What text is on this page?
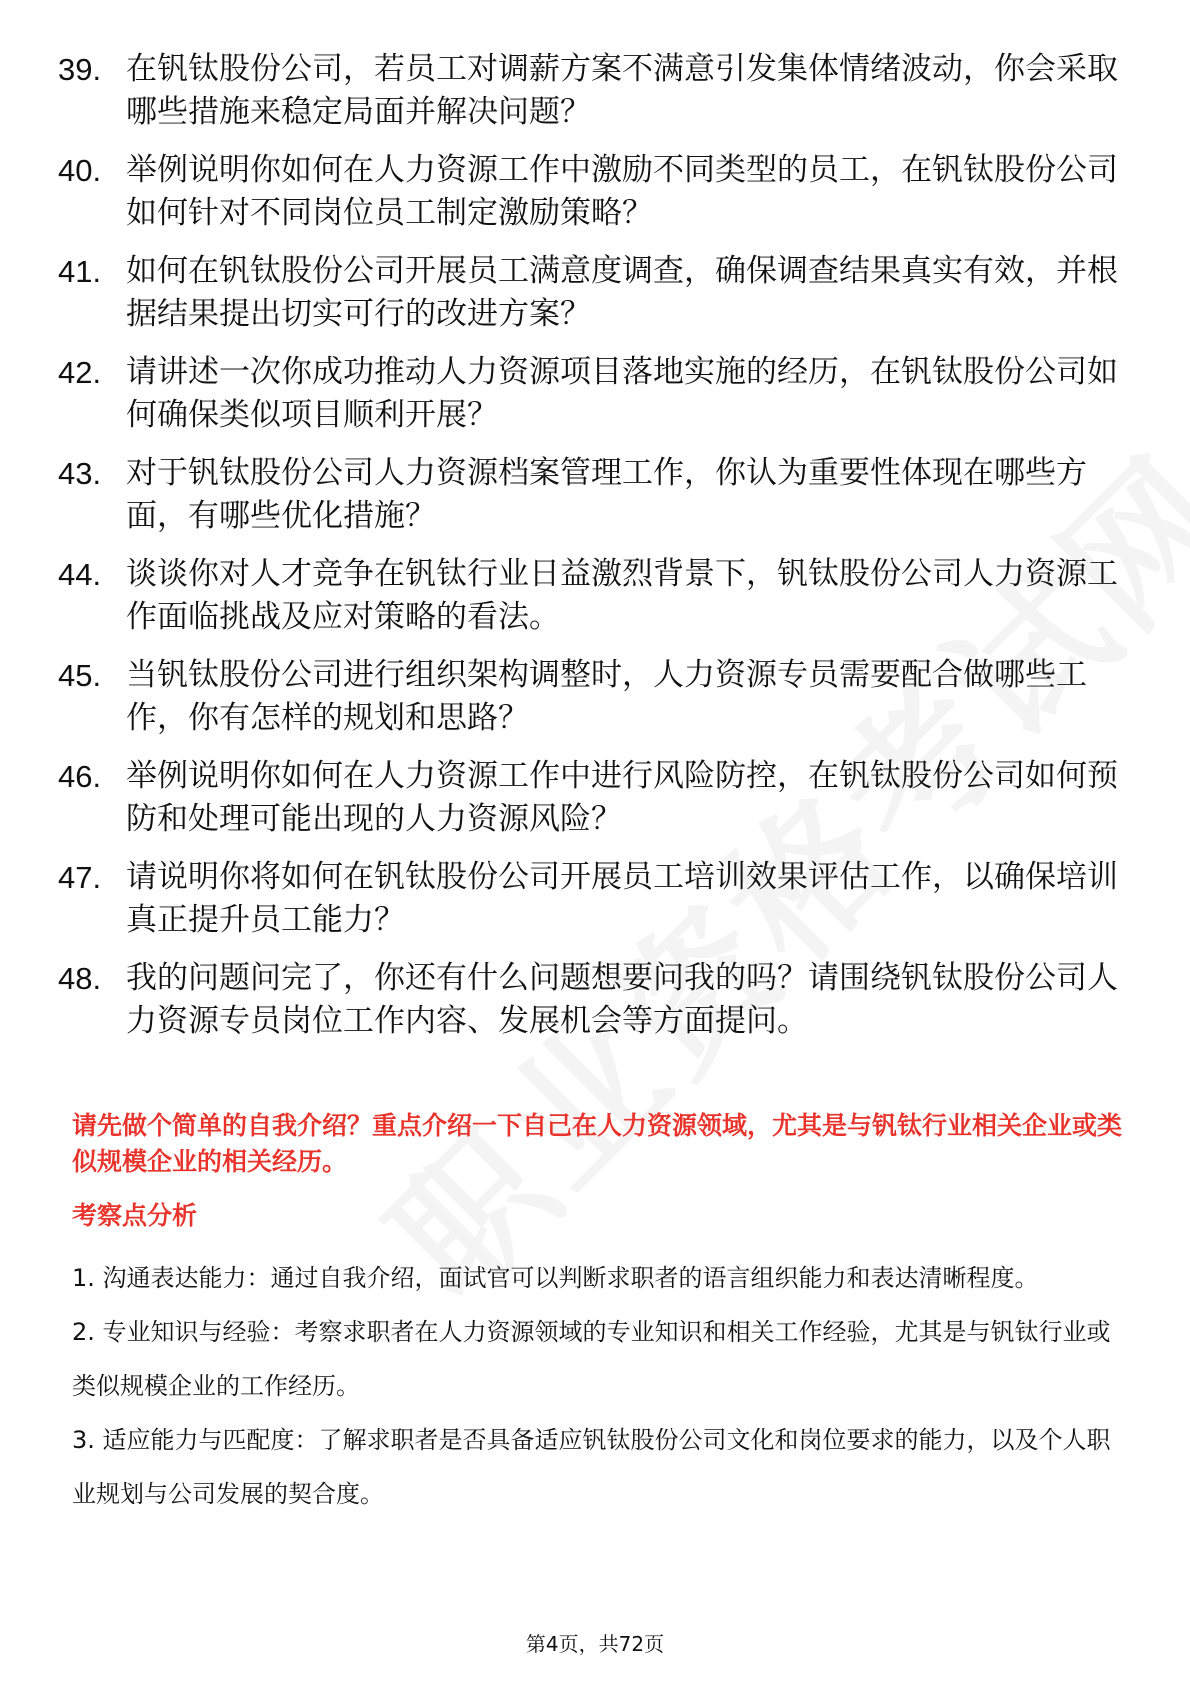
39. 在钒钛股份公司，若员工对调薪方案不满意引发集体情绪波动，你会采取哪些措施来稳定局面并解决问题？
40. 举例说明你如何在人力资源工作中激励不同类型的员工，在钒钛股份公司如何针对不同岗位员工制定激励策略？
41. 如何在钒钛股份公司开展员工满意度调查，确保调查结果真实有效，并根据结果提出切实可行的改进方案？
42. 请讲述一次你成功推动人力资源项目落地实施的经历，在钒钛股份公司如何确保类似项目顺利开展？
43. 对于钒钛股份公司人力资源档案管理工作，你认为重要性体现在哪些方面，有哪些优化措施？
44. 谈谈你对人才竞争在钒钛行业日益激烈背景下，钒钛股份公司人力资源工作面临挑战及应对策略的看法。
45. 当钒钛股份公司进行组织架构调整时，人力资源专员需要配合做哪些工作，你有怎样的规划和思路？
46. 举例说明你如何在人力资源工作中进行风险防控，在钒钛股份公司如何预防和处理可能出现的人力资源风险？
47. 请说明你将如何在钒钛股份公司开展员工培训效果评估工作，以确保培训真正提升员工能力？
48. 我的问题问完了，你还有什么问题想要问我的吗？请围绕钒钛股份公司人力资源专员岗位工作内容、发展机会等方面提问。
请先做个简单的自我介绍？重点介绍一下自己在人力资源领域，尤其是与钒钛行业相关企业或类似规模企业的相关经历。
考察点分析
1. 沟通表达能力：通过自我介绍，面试官可以判断求职者的语言组织能力和表达清晰程度。
2. 专业知识与经验：考察求职者在人力资源领域的专业知识和相关工作经验，尤其是与钒钛行业或类似规模企业的工作经历。
3. 适应能力与匹配度：了解求职者是否具备适应钒钛股份公司文化和岗位要求的能力，以及个人职业规划与公司发展的契合度。
第4页，共72页
